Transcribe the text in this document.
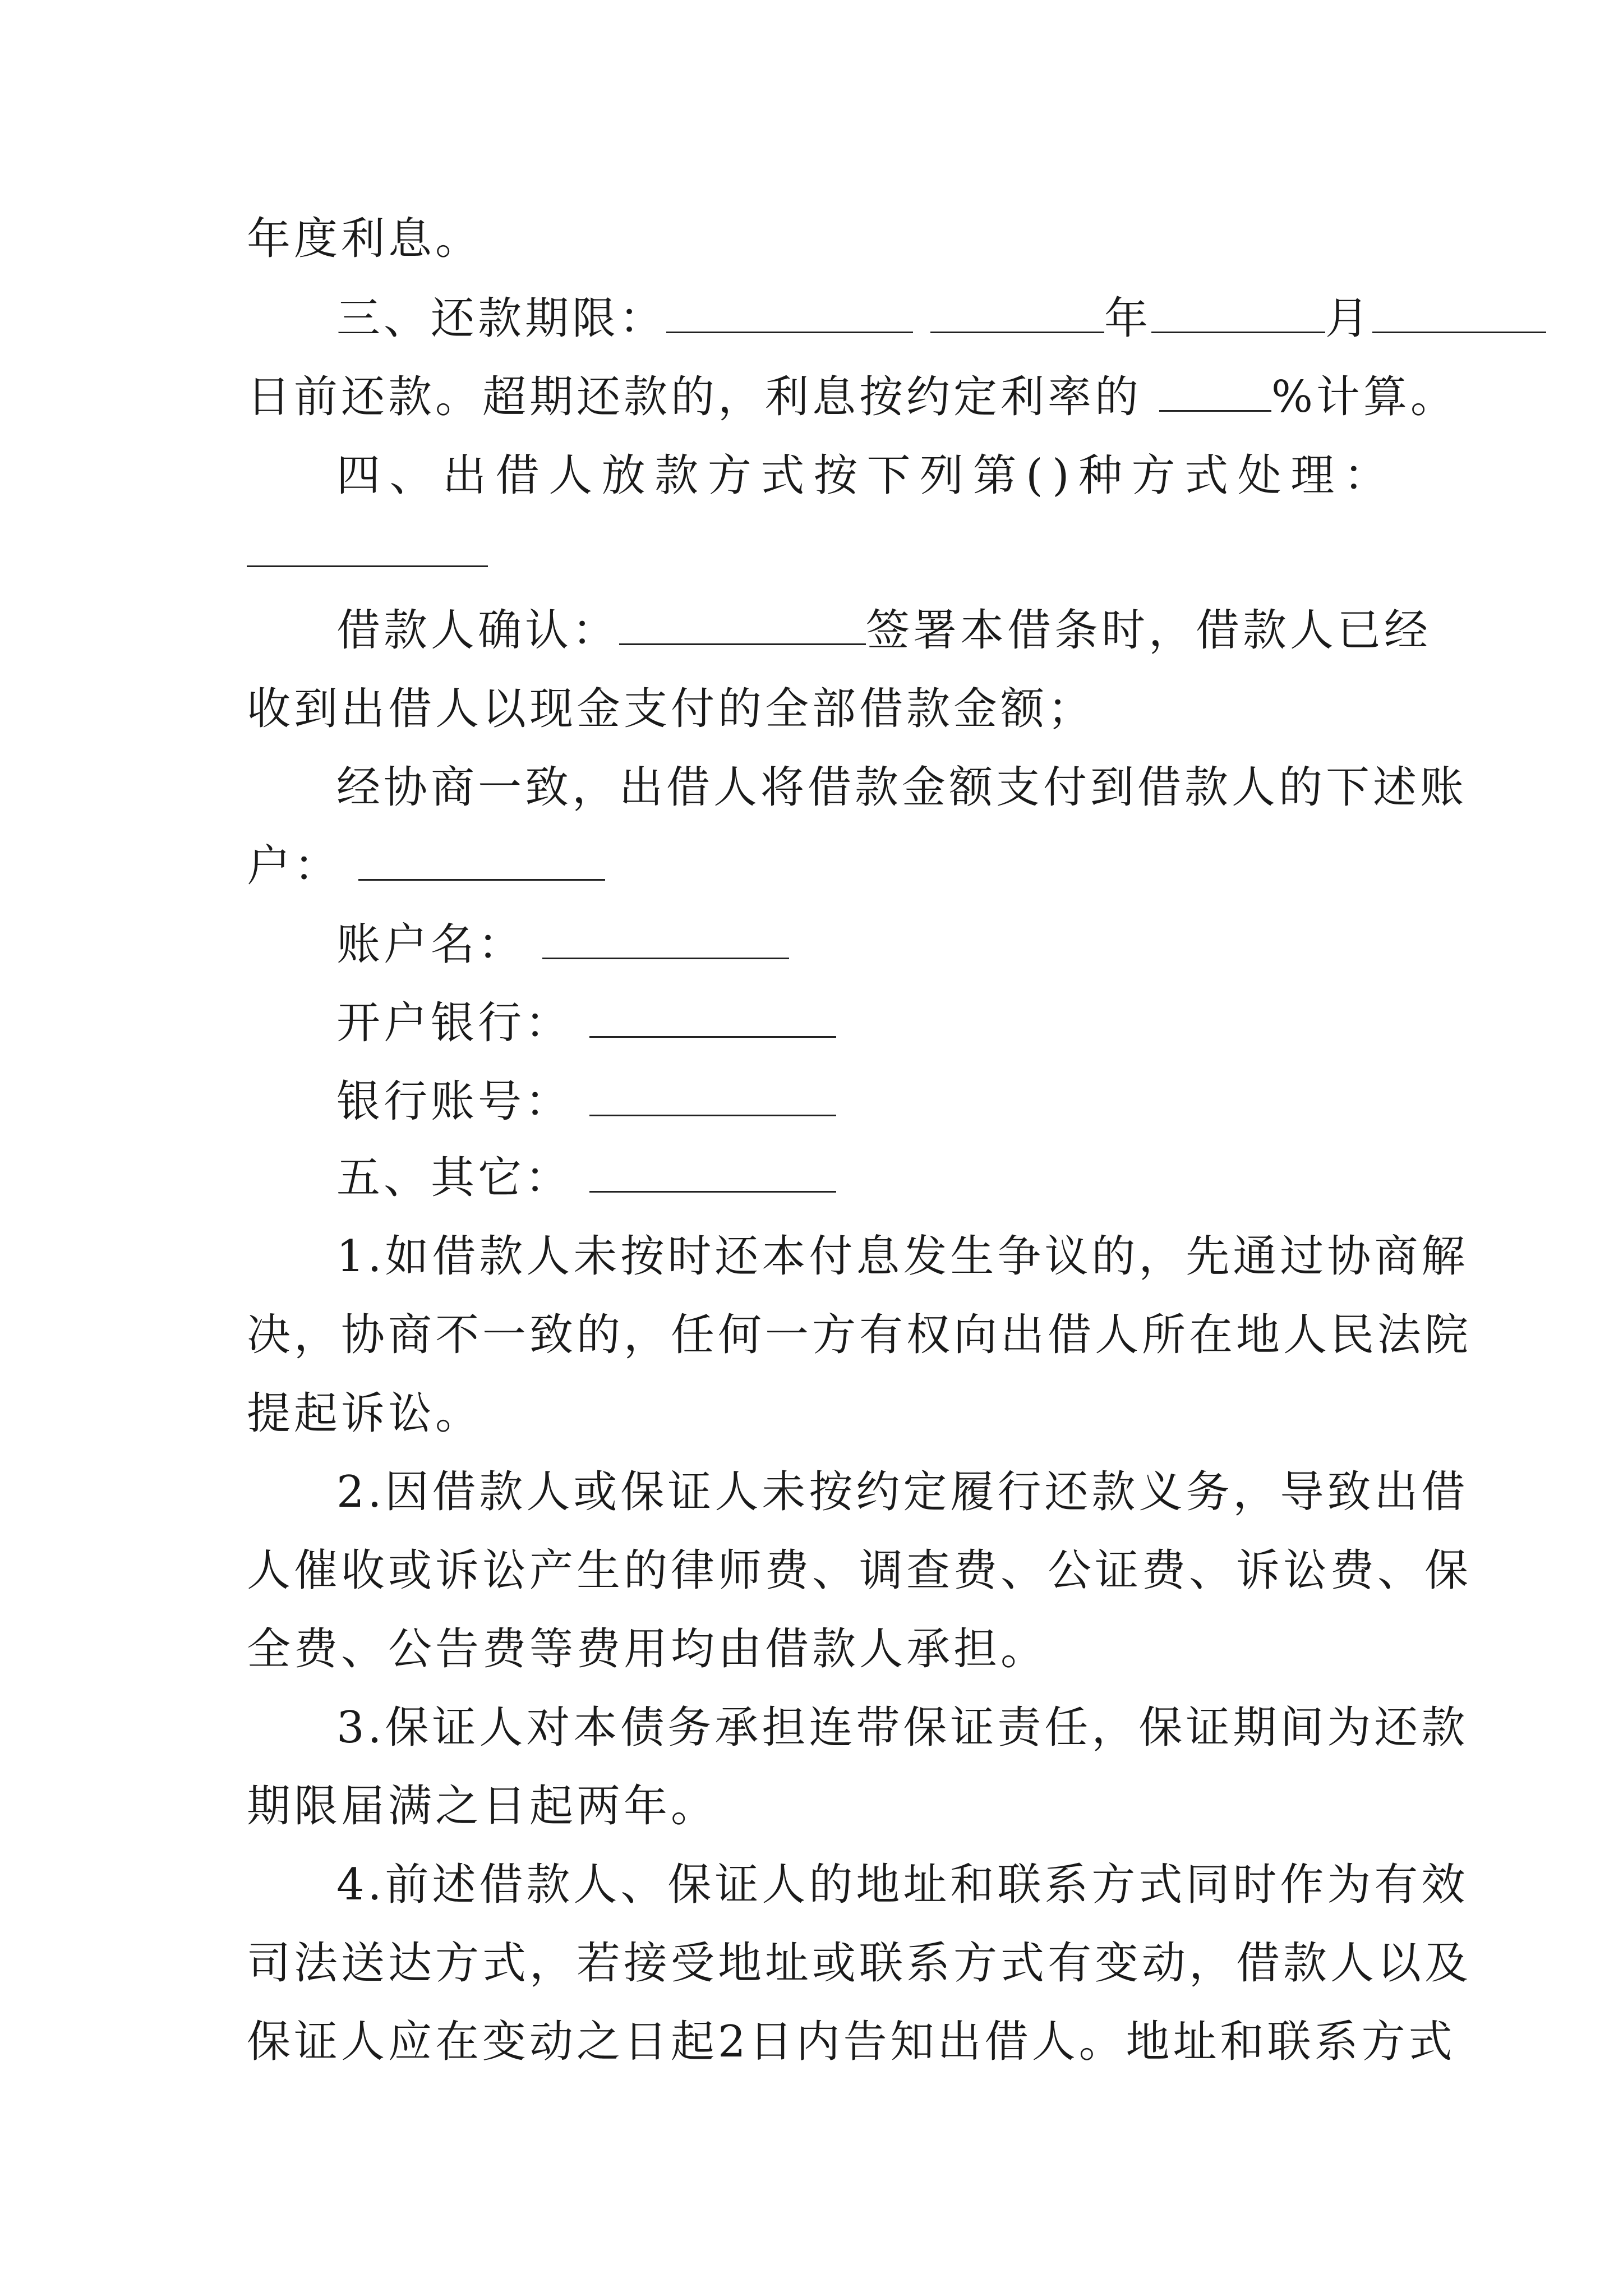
年度利息。
三、还款期限：	年	月
日前还款。超期还款的，利息按约定利率的	%计算。
四 、 出 借 人 放 款 方 式 按 下 列 第 ( ) 种 方 式 处 理 ：
借款人确认：	签署本借条时，借款人已经
收到出借人以现金支付的全部借款金额；
经协商一致，出借人将借款金额支付到借款人的下述账
户：
账户名：
开户银行：
银行账号：
五、其它：
1.如借款人未按时还本付息发生争议的，先通过协商解
决，协商不一致的，任何一方有权向出借人所在地人民法院
提起诉讼。
2.因借款人或保证人未按约定履行还款义务，导致出借
人催收或诉讼产生的律师费、调查费、公证费、诉讼费、保
全费、公告费等费用均由借款人承担。
3.保证人对本债务承担连带保证责任，保证期间为还款
期限届满之日起两年。
4.前述借款人、保证人的地址和联系方式同时作为有效
司法送达方式，若接受地址或联系方式有变动，借款人以及
保证人应在变动之日起2日内告知出借人。地址和联系方式
